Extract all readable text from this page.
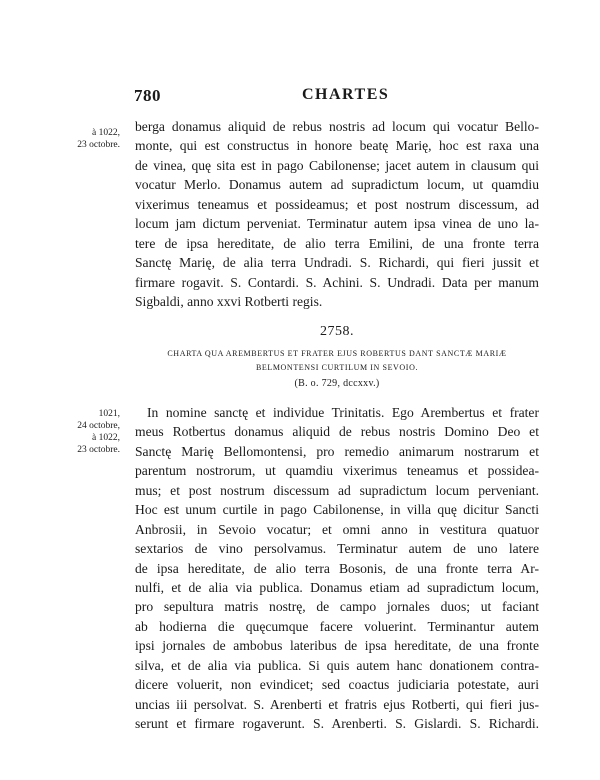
780	CHARTES
à 1022,
23 octobre.
berga donamus aliquid de rebus nostris ad locum qui vocatur Bello-
monte, qui est constructus in honore beatę Marię, hoc est raxa una
de vinea, quę sita est in pago Cabilonense; jacet autem in clausum qui
vocatur Merlo. Donamus autem ad supradictum locum, ut quamdiu
vixerimus teneamus et possideamus; et post nostrum discessum, ad
locum jam dictum perveniat. Terminatur autem ipsa vinea de uno la-
tere de ipsa hereditate, de alio terra Emilini, de una fronte terra
Sanctę Marię, de alia terra Undradi. S. Richardi, qui fieri jussit et
firmare rogavit. S. Contardi. S. Achini. S. Undradi. Data per manum
Sigbaldi, anno xxvi Rotberti regis.
2758.
CHARTA QUA AREMBERTUS ET FRATER EJUS ROBERTUS DANT SANCTÆ MARIÆ
BELMONTENSI CURTILUM IN SEVOIO.
(B. o. 729, dccxxv.)
1021,
24 octobre,
à 1022,
23 octobre.
In nomine sanctę et individue Trinitatis. Ego Arembertus et frater
meus Rotbertus donamus aliquid de rebus nostris Domino Deo et
Sanctę Marię Bellomontensi, pro remedio animarum nostrarum et
parentum nostrorum, ut quamdiu vixerimus teneamus et possidea-
mus; et post nostrum discessum ad supradictum locum perveniant.
Hoc est unum curtile in pago Cabilonense, in villa quę dicitur Sancti
Anbrosii, in Sevoio vocatur; et omni anno in vestitura quatuor
sextarios de vino persolvamus. Terminatur autem de uno latere
de ipsa hereditate, de alio terra Bosonis, de una fronte terra Ar-
nulfi, et de alia via publica. Donamus etiam ad supradictum locum,
pro sepultura matris nostrę, de campo jornales duos; ut faciant
ab hodierna die quęcumque facere voluerint. Terminantur autem
ipsi jornales de ambobus lateribus de ipsa hereditate, de una fronte
silva, et de alia via publica. Si quis autem hanc donationem contra-
dicere voluerit, non evindicet; sed coactus judiciaria potestate, auri
uncias iii persolvat. S. Arenberti et fratris ejus Rotberti, qui fieri jus-
serunt et firmare rogaverunt. S. Arenberti. S. Gislardi. S. Richardi.
